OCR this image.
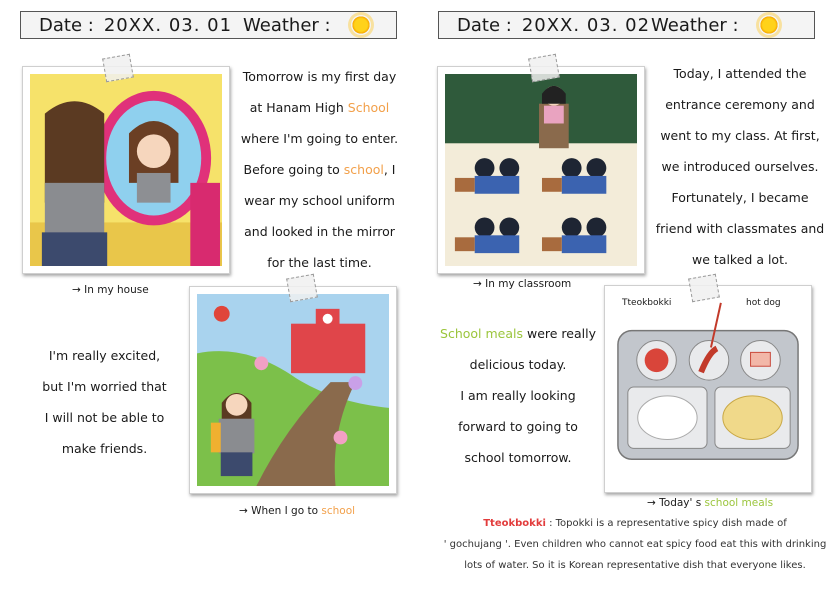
Date : 20XX. 03. 01 Weather :	Date : 20XX. 03. 02 Weather :
Tomorrow is my first day
at Hanam High School
where I'm going to enter.
Before going to school, I
wear my school uniform
and looked in the mirror
for the last time.
→ In my house
I'm really excited,
but I'm worried that
I will not be able to
make friends.
→ When I go to school
Today, I attended the
entrance ceremony and
went to my class. At first,
we introduced ourselves.
Fortunately, I became
friend with classmates and
we talked a lot.
→ In my classroom
School meals were really
delicious today.
I am really looking
forward to going to
school tomorrow.
Tteokbokki	hot dog
→ Today' s school meals
Tteokbokki : Topokki is a representative spicy dish made of
' gochujang '. Even children who cannot eat spicy food eat this with drinking
lots of water. So it is Korean representative dish that everyone likes.
